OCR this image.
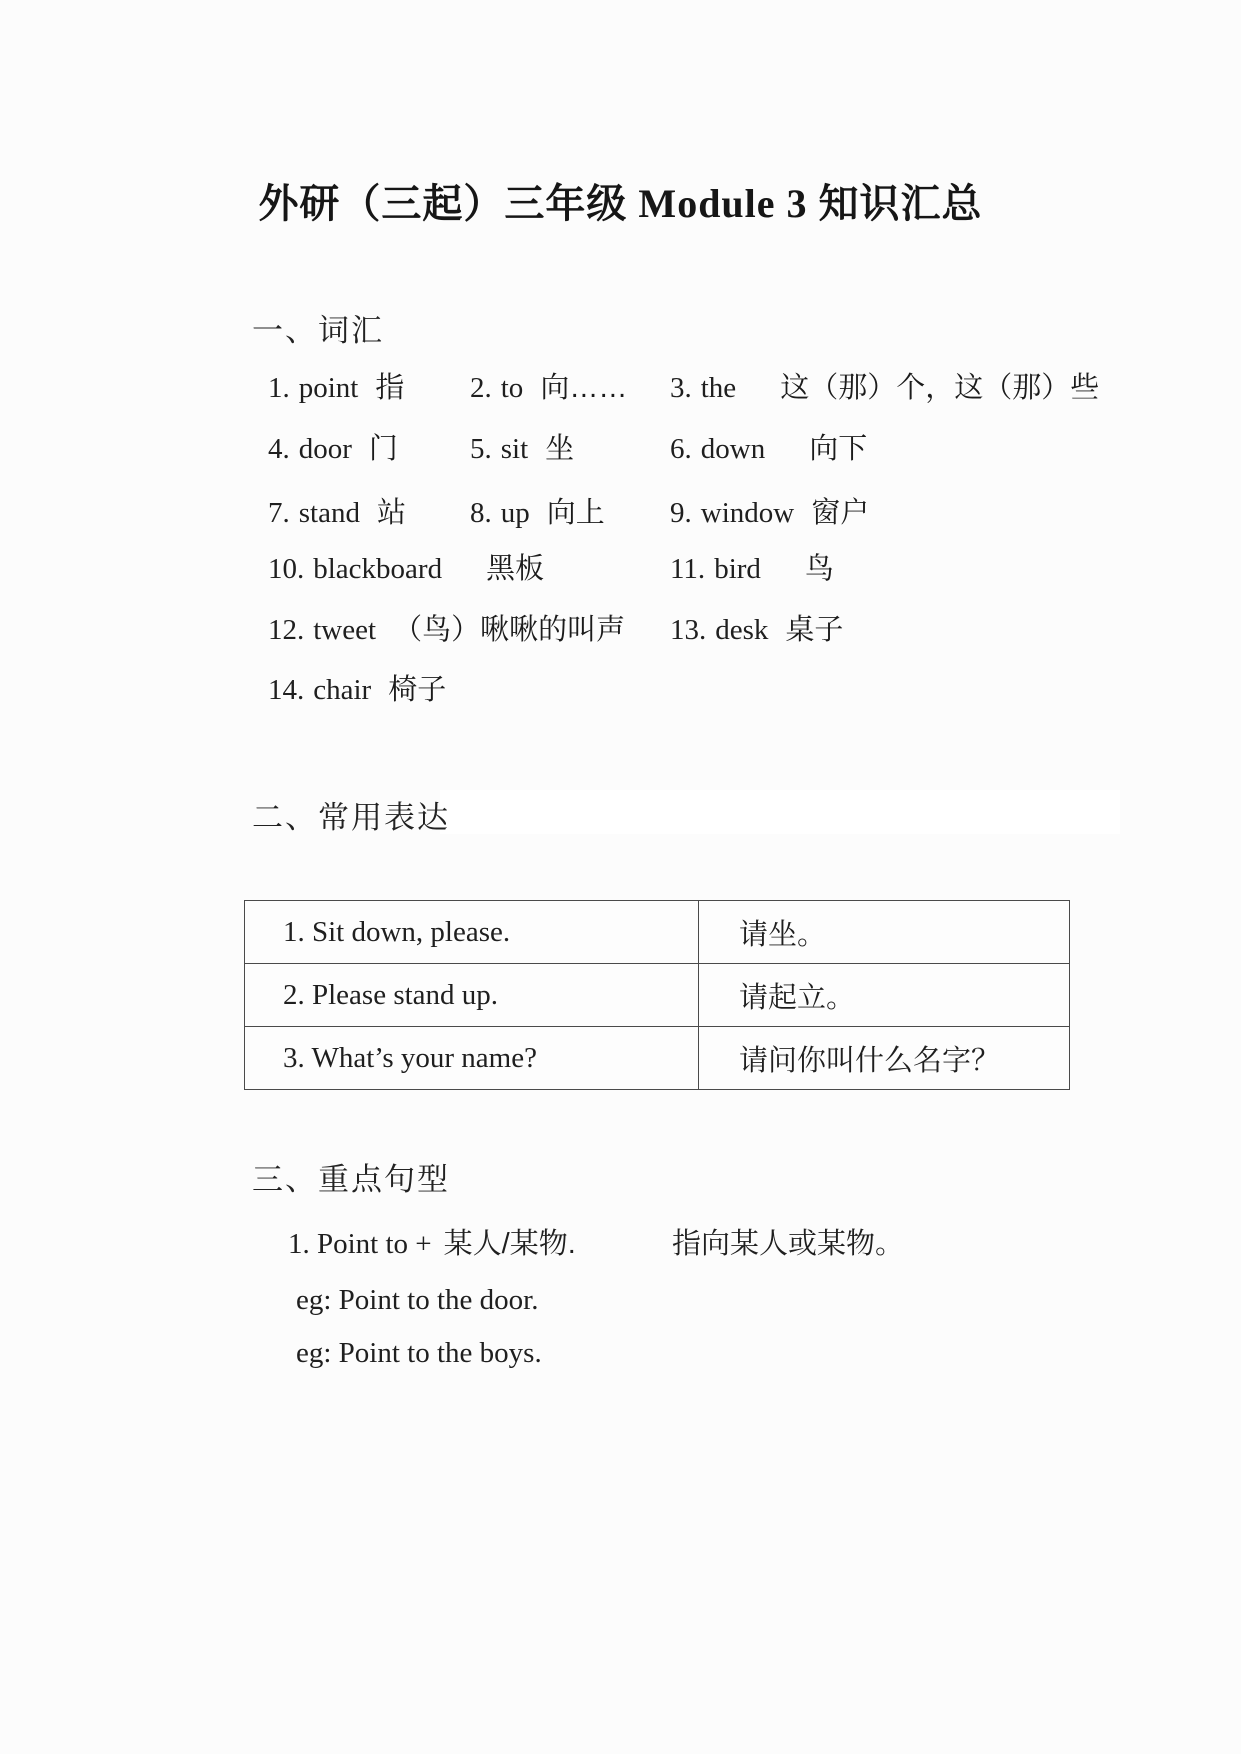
外研（三起）三年级 Module 3 知识汇总
一、词汇
1. point 指 2. to 向…… 3. the 这（那）个，这（那）些
4. door 门 5. sit 坐	6. down 向下
7. stand 站 8. up 向上 9. window 窗户
10. blackboard 黑板	11. bird 鸟
12. tweet （鸟）啾啾的叫声 13. desk 桌子
14. chair 椅子
二、常用表达
1. Sit down, please.	请坐。
2. Please stand up.	请起立。
3. What’s your name?	请问你叫什么名字？
三、重点句型
1. Point to + 某人/某物.	指向某人或某物。
eg: Point to the door.
eg: Point to the boys.
